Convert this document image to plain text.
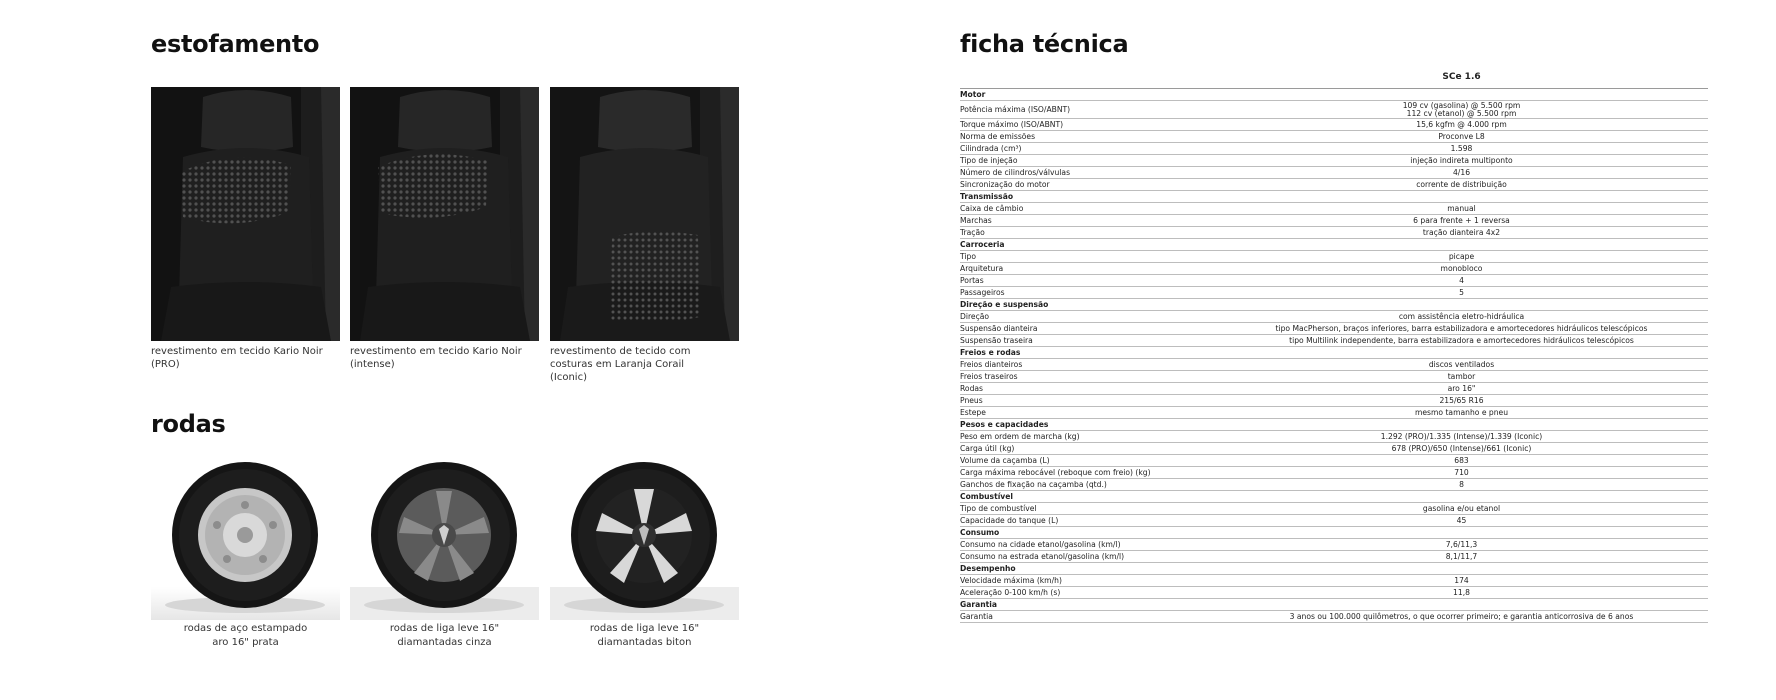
estofamento
revestimento em tecido Kario Noir (PRO)
revestimento em tecido Kario Noir (intense)
revestimento de tecido com costuras em Laranja Corail (Iconic)
rodas
rodas de aço estampado
aro 16" prata
rodas de liga leve 16"
diamantadas cinza
rodas de liga leve 16"
diamantadas biton
ficha técnica
	SCe 1.6
Motor	

Potência máxima (ISO/ABNT)	109 cv (gasolina) @ 5.500 rpm
112 cv (etanol) @ 5.500 rpm

Torque máximo (ISO/ABNT)	15,6 kgfm @ 4.000 rpm

Norma de emissões	Proconve L8

Cilindrada (cm³)	1.598

Tipo de injeção	injeção indireta multiponto

Número de cilindros/válvulas	4/16

Sincronização do motor	corrente de distribuição

Transmissão	

Caixa de câmbio	manual

Marchas	6 para frente + 1 reversa

Tração	tração dianteira 4x2

Carroceria	

Tipo	picape

Arquitetura	monobloco

Portas	4

Passageiros	5

Direção e suspensão	

Direção	com assistência eletro-hidráulica

Suspensão dianteira	tipo MacPherson, braços inferiores, barra estabilizadora e amortecedores hidráulicos telescópicos

Suspensão traseira	tipo Multilink independente, barra estabilizadora e amortecedores hidráulicos telescópicos

Freios e rodas	

Freios dianteiros	discos ventilados

Freios traseiros	tambor

Rodas	aro 16"

Pneus	215/65 R16

Estepe	mesmo tamanho e pneu

Pesos e capacidades	

Peso em ordem de marcha (kg)	1.292 (PRO)/1.335 (Intense)/1.339 (Iconic)

Carga útil (kg)	678 (PRO)/650 (Intense)/661 (Iconic)

Volume da caçamba (L)	683

Carga máxima rebocável (reboque com freio) (kg)	710

Ganchos de fixação na caçamba (qtd.)	8

Combustível	

Tipo de combustível	gasolina e/ou etanol

Capacidade do tanque (L)	45

Consumo	

Consumo na cidade etanol/gasolina (km/l)	7,6/11,3

Consumo na estrada etanol/gasolina (km/l)	8,1/11,7

Desempenho	

Velocidade máxima (km/h)	174

Aceleração 0-100 km/h (s)	11,8

Garantia	

Garantia	3 anos ou 100.000 quilômetros, o que ocorrer primeiro; e garantia anticorrosiva de 6 anos
